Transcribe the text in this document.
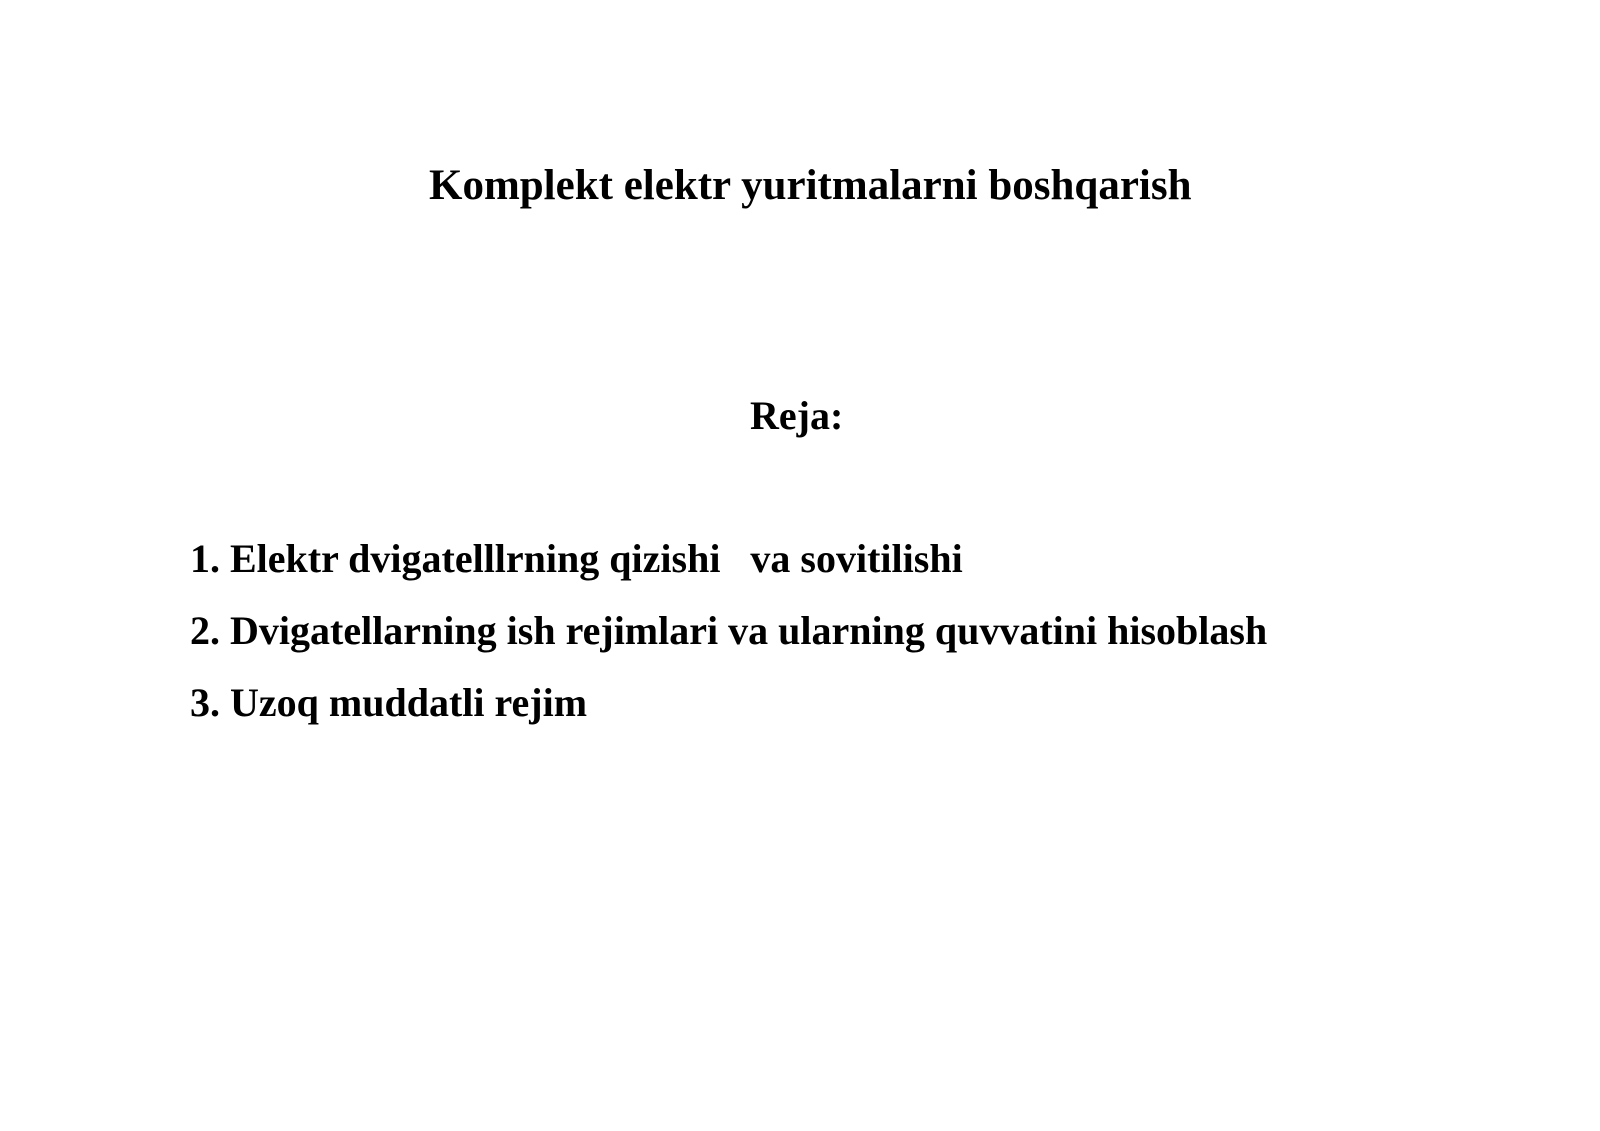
Komplekt elektr yuritmalarni boshqarish
Reja:
1. Elektr dvigatelllrning qizishi   va sovitilishi
2. Dvigatellarning ish rejimlari va ularning quvvatini hisoblash
3. Uzoq muddatli rejim
